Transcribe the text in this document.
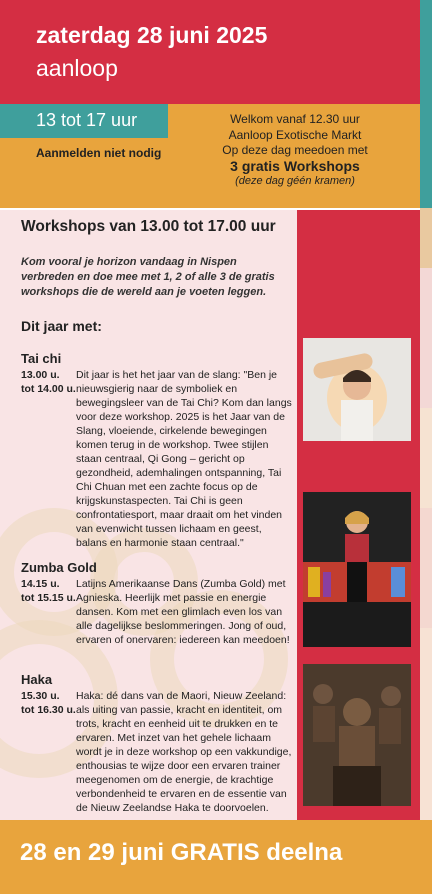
zaterdag 28 juni 2025
aanloop
13 tot 17 uur
Aanmelden niet nodig
Welkom vanaf 12.30 uur
Aanloop Exotische Markt
Op deze dag meedoen met
3 gratis Workshops
(deze dag géén kramen)
Workshops van 13.00 tot 17.00 uur
Kom vooral je horizon vandaag in Nispen verbreden en doe mee met 1, 2 of alle 3 de gratis workshops die de wereld aan je voeten leggen.
Dit jaar met:
Tai chi
13.00 u.
tot 14.00 u.
Dit jaar is het het jaar van de slang: "Ben je nieuwsgierig naar de symboliek en bewegingsleer van de Tai Chi? Kom dan langs voor deze workshop. 2025 is het Jaar van de Slang, vloeiende, cirkelende bewegingen komen terug in de workshop. Twee stijlen staan centraal, Qi Gong – gericht op gezondheid, ademhalingen ontspanning, Tai Chi Chuan met een zachte focus op de krijgskunstaspecten. Tai Chi is geen confrontatiesport, maar draait om het vinden van evenwicht tussen lichaam en geest, balans en harmonie staan centraal."
Zumba Gold
14.15 u.
tot 15.15 u.
Latijns Amerikaanse Dans (Zumba Gold) met Agnieska. Heerlijk met passie en energie dansen. Kom met een glimlach even los van alle dagelijkse beslommeringen. Jong of oud, ervaren of onervaren: iedereen kan meedoen!
Haka
15.30 u.
tot 16.30 u.
Haka: dé dans van de Maori, Nieuw Zeeland: als uiting van passie, kracht en identiteit, om trots, kracht en eenheid uit te drukken en te ervaren. Met inzet van het gehele lichaam wordt je in deze workshop op een vakkundige, enthousias te wijze door een ervaren trainer meegenomen om de energie, de krachtige verbondenheid te ervaren en de essentie van de Nieuw Zeelandse Haka te doorvoelen.
28 en 29 juni GRATIS deelna
